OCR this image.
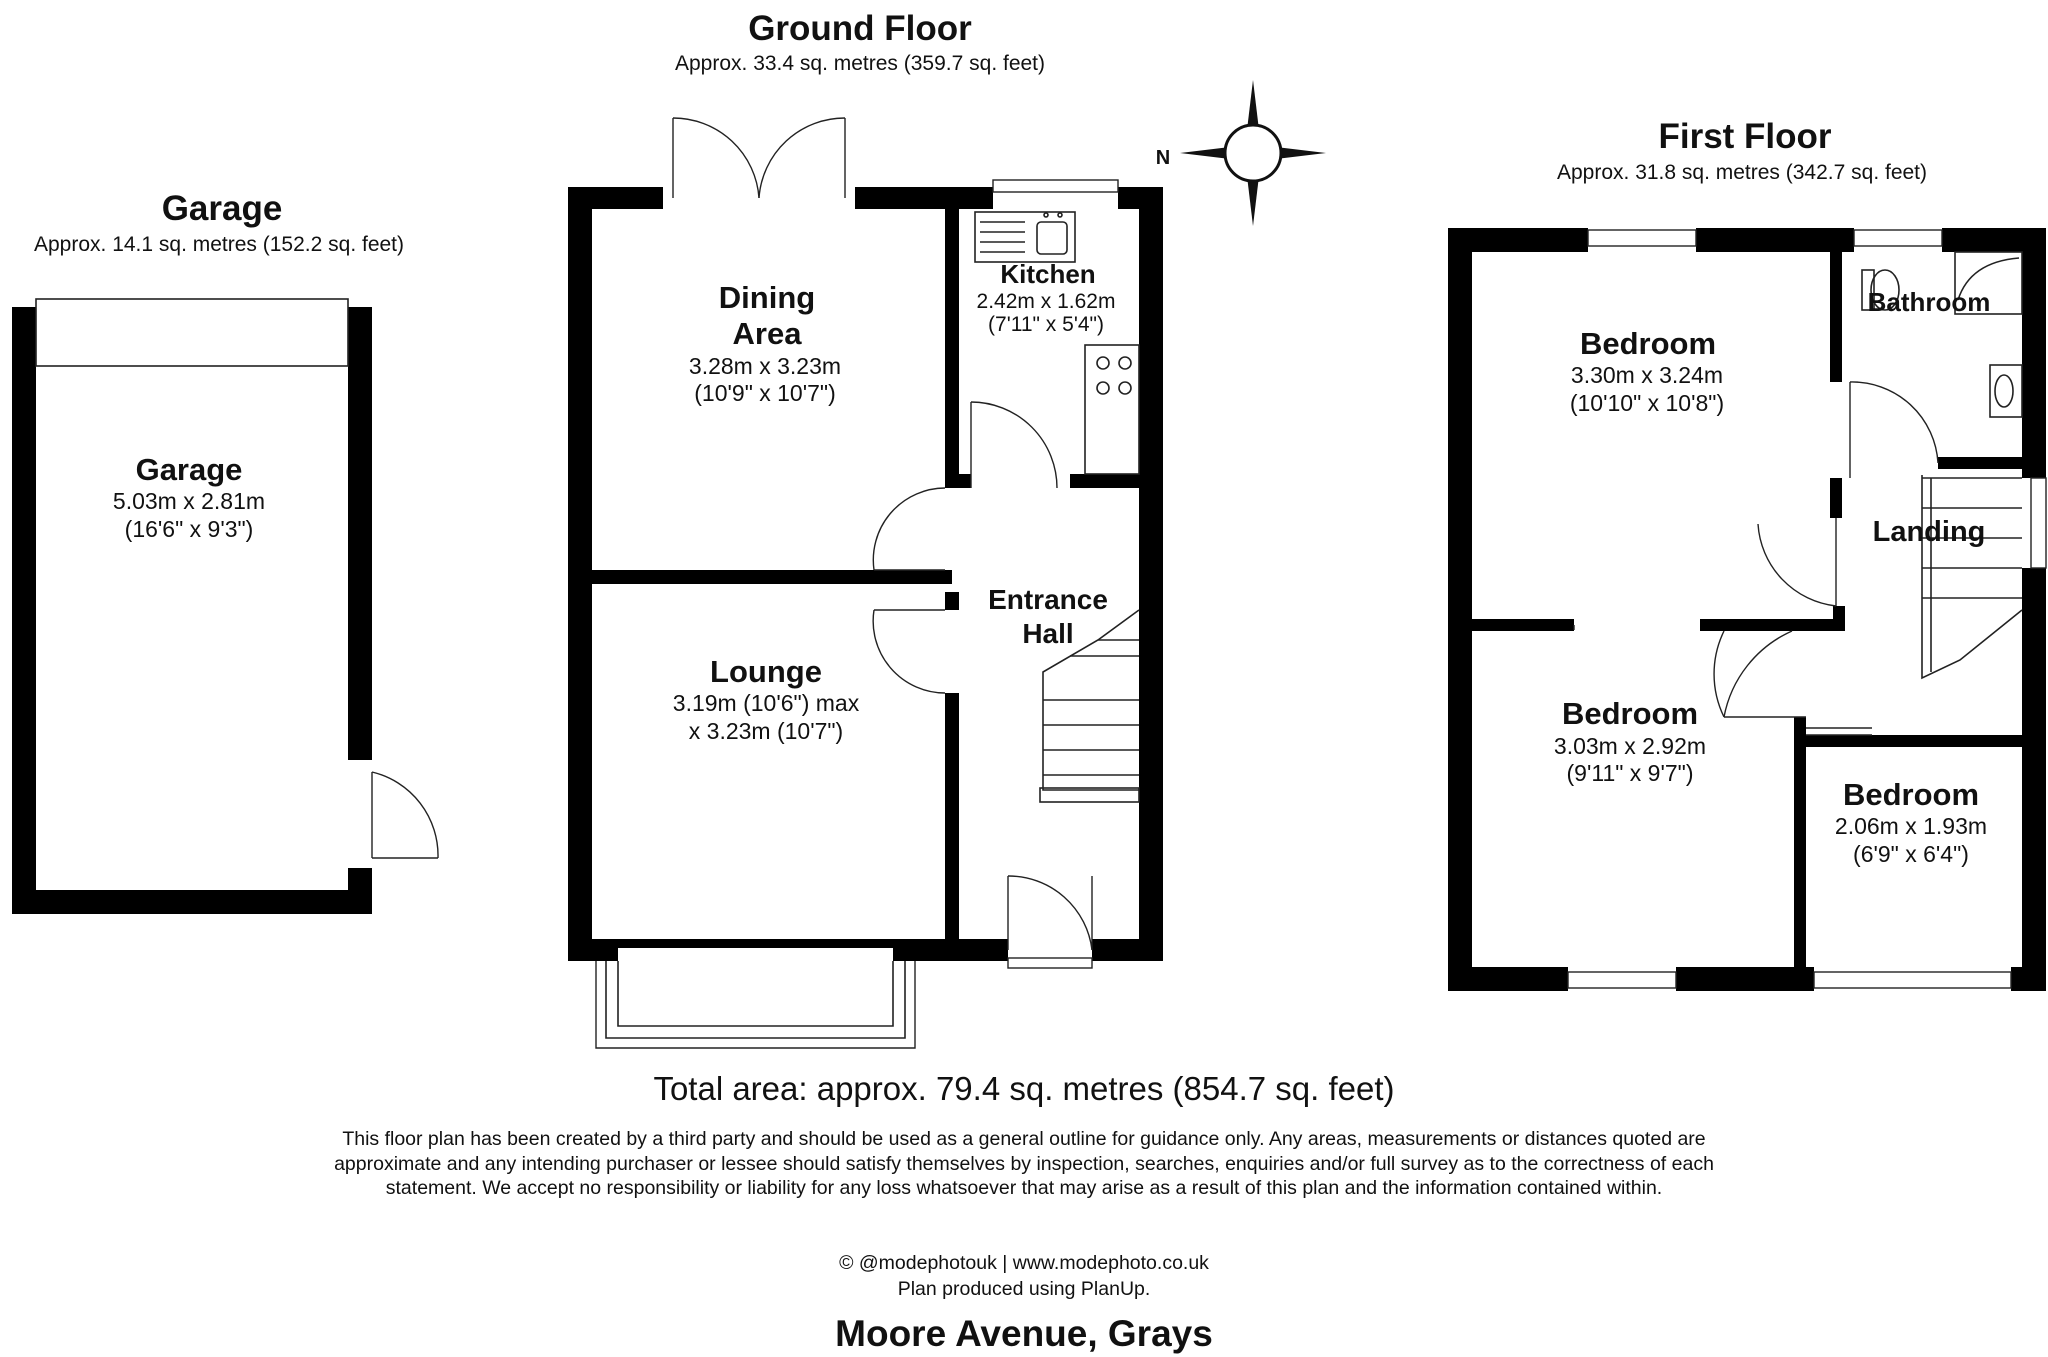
Garage
Approx. 14.1 sq. metres (152.2 sq. feet)
Garage
5.03m x 2.81m
(16'6" x 9'3")
Ground Floor
Approx. 33.4 sq. metres (359.7 sq. feet)
Dining
Area
3.28m x 3.23m
(10'9" x 10'7")
Kitchen
2.42m x 1.62m
(7'11" x 5'4")
Entrance
Hall
Lounge
3.19m (10'6") max
x 3.23m (10'7")
N
First Floor
Approx. 31.8 sq. metres (342.7 sq. feet)
Bedroom
3.30m x 3.24m
(10'10" x 10'8")
Bathroom
Landing
Bedroom
3.03m x 2.92m
(9'11" x 9'7")
Bedroom
2.06m x 1.93m
(6'9" x 6'4")
Total area: approx. 79.4 sq. metres (854.7 sq. feet)
This floor plan has been created by a third party and should be used as a general outline for guidance only. Any areas, measurements or distances quoted are approximate and any intending purchaser or lessee should satisfy themselves by inspection, searches, enquiries and/or full survey as to the correctness of each statement. We accept no responsibility or liability for any loss whatsoever that may arise as a result of this plan and the information contained within.
© @modephotouk | www.modephoto.co.uk
Plan produced using PlanUp.
Moore Avenue, Grays
